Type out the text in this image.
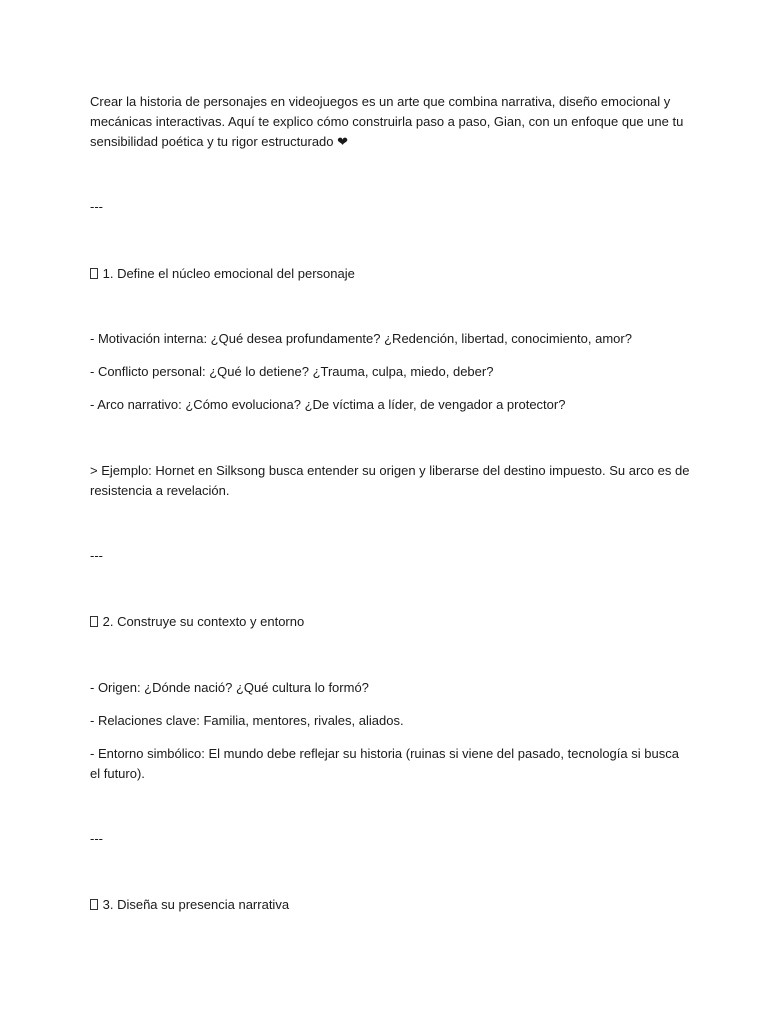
Crear la historia de personajes en videojuegos es un arte que combina narrativa, diseño emocional y mecánicas interactivas. Aquí te explico cómo construirla paso a paso, Gian, con un enfoque que une tu sensibilidad poética y tu rigor estructurado ❤

---

1. Define el núcleo emocional del personaje

- Motivación interna: ¿Qué desea profundamente? ¿Redención, libertad, conocimiento, amor?

- Conflicto personal: ¿Qué lo detiene? ¿Trauma, culpa, miedo, deber?

- Arco narrativo: ¿Cómo evoluciona? ¿De víctima a líder, de vengador a protector?

> Ejemplo: Hornet en Silksong busca entender su origen y liberarse del destino impuesto. Su arco es de resistencia a revelación.

---

2. Construye su contexto y entorno

- Origen: ¿Dónde nació? ¿Qué cultura lo formó?

- Relaciones clave: Familia, mentores, rivales, aliados.

- Entorno simbólico: El mundo debe reflejar su historia (ruinas si viene del pasado, tecnología si busca el futuro).

---

3. Diseña su presencia narrativa
